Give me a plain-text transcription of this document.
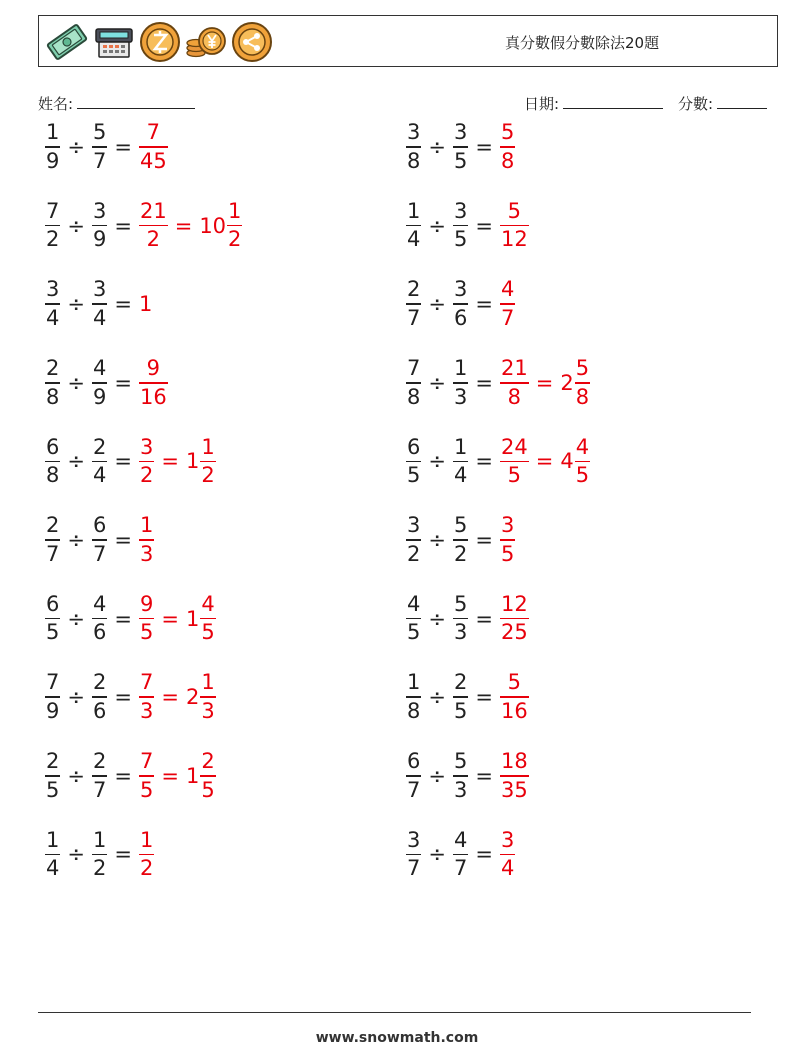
真分數假分數除法20題
姓名:	日期:	分數:
$\frac{1}{9} \div \frac{5}{7} = \frac{7}{45}$	$\frac{3}{8} \div \frac{3}{5} = \frac{5}{8}$
$\frac{7}{2} \div \frac{3}{9} = \frac{21}{2} = 10 \frac{1}{2}$	$\frac{1}{4} \div \frac{3}{5} = \frac{5}{12}$
$\frac{3}{4} \div \frac{3}{4} = 1$	$\frac{2}{7} \div \frac{3}{6} = \frac{4}{7}$
$\frac{2}{8} \div \frac{4}{9} = \frac{9}{16}$	$\frac{7}{8} \div \frac{1}{3} = \frac{21}{8} = 2 \frac{5}{8}$
$\frac{6}{8} \div \frac{2}{4} = \frac{3}{2} = 1 \frac{1}{2}$	$\frac{6}{5} \div \frac{1}{4} = \frac{24}{5} = 4 \frac{4}{5}$
$\frac{2}{7} \div \frac{6}{7} = \frac{1}{3}$	$\frac{3}{2} \div \frac{5}{2} = \frac{3}{5}$
$\frac{6}{5} \div \frac{4}{6} = \frac{9}{5} = 1 \frac{4}{5}$	$\frac{4}{5} \div \frac{5}{3} = \frac{12}{25}$
$\frac{7}{9} \div \frac{2}{6} = \frac{7}{3} = 2 \frac{1}{3}$	$\frac{1}{8} \div \frac{2}{5} = \frac{5}{16}$
$\frac{2}{5} \div \frac{2}{7} = \frac{7}{5} = 1 \frac{2}{5}$	$\frac{6}{7} \div \frac{5}{3} = \frac{18}{35}$
$\frac{1}{4} \div \frac{1}{2} = \frac{1}{2}$	$\frac{3}{7} \div \frac{4}{7} = \frac{3}{4}$
www.snowmath.com
